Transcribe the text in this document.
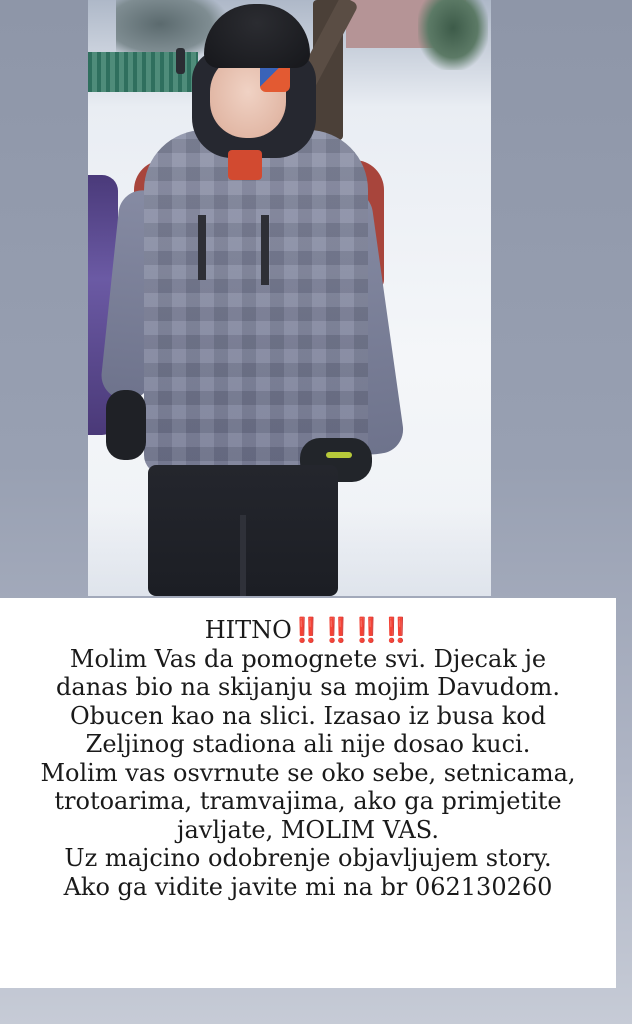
HITNO‼️‼️‼️‼️
Molim Vas da pomognete svi. Djecak je
danas bio na skijanju sa mojim Davudom.
Obucen kao na slici. Izasao iz busa kod
Zeljinog stadiona ali nije dosao kuci.
Molim vas osvrnute se oko sebe, setnicama,
trotoarima, tramvajima, ako ga primjetite
javljate, MOLIM VAS.
Uz majcino odobrenje objavljujem story.
Ako ga vidite javite mi na br 062130260
